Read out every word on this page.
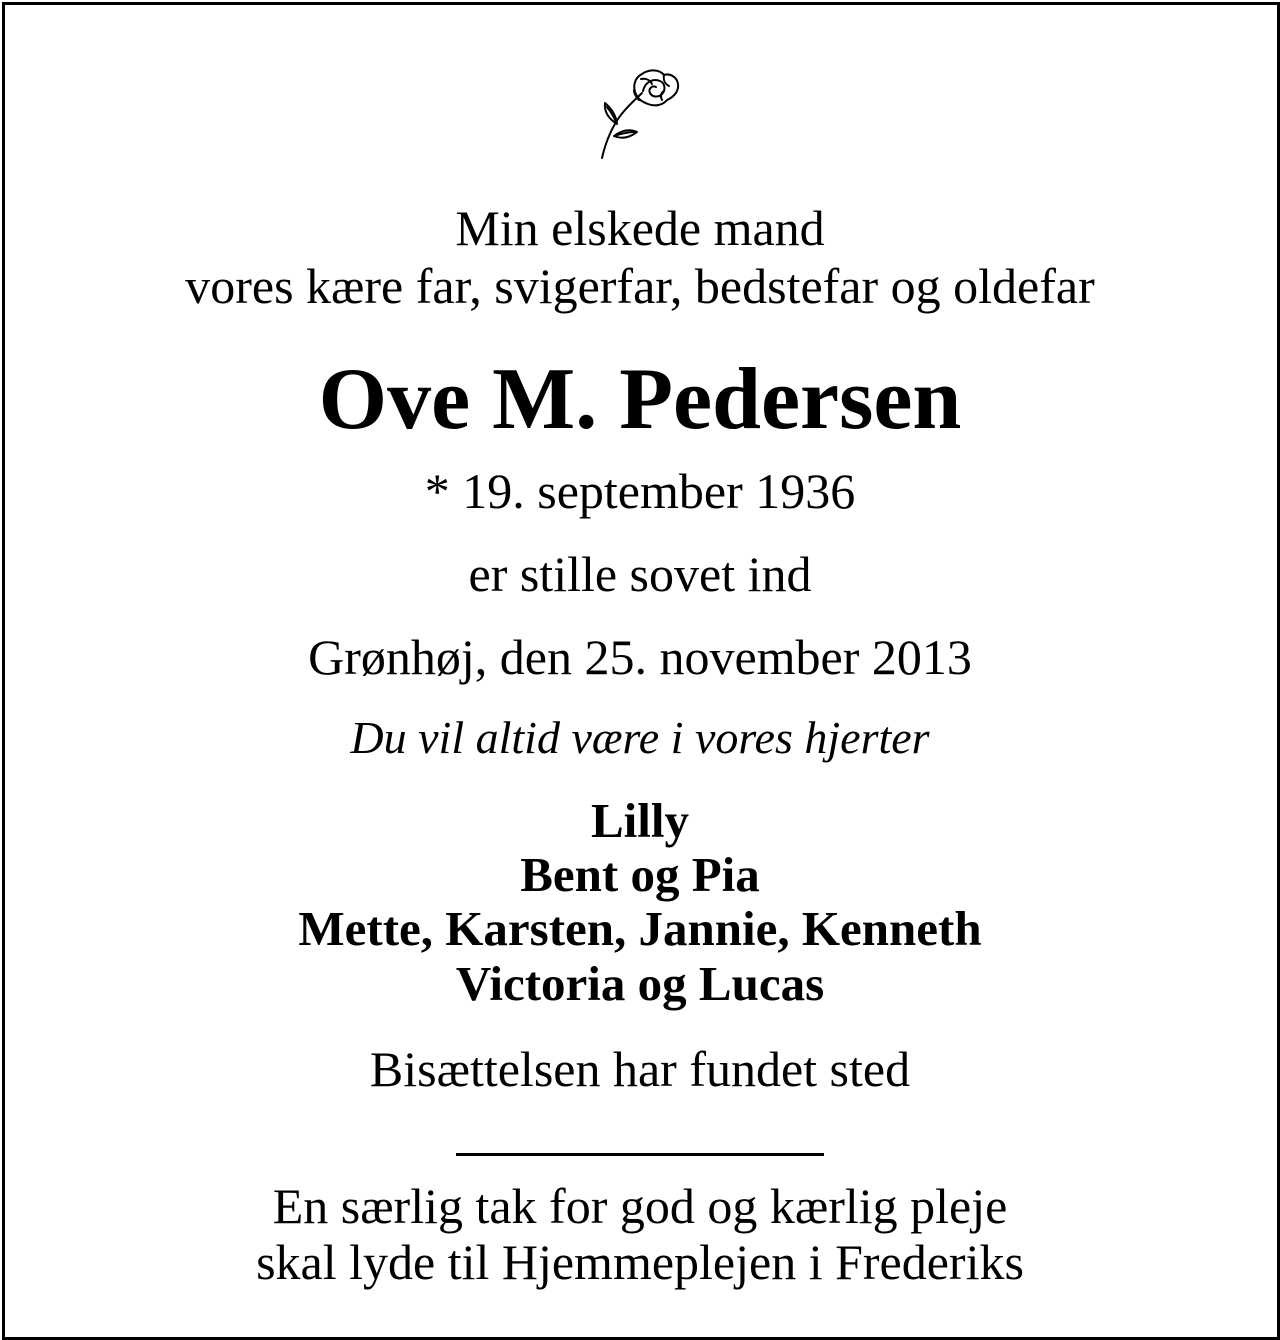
Min elskede mand
vores kære far, svigerfar, bedstefar og oldefar
Ove M. Pedersen
* 19. september 1936
er stille sovet ind
Grønhøj, den 25. november 2013
Du vil altid være i vores hjerter
Lilly
Bent og Pia
Mette, Karsten, Jannie, Kenneth
Victoria og Lucas
Bisættelsen har fundet sted
En særlig tak for god og kærlig pleje
skal lyde til Hjemmeplejen i Frederiks
